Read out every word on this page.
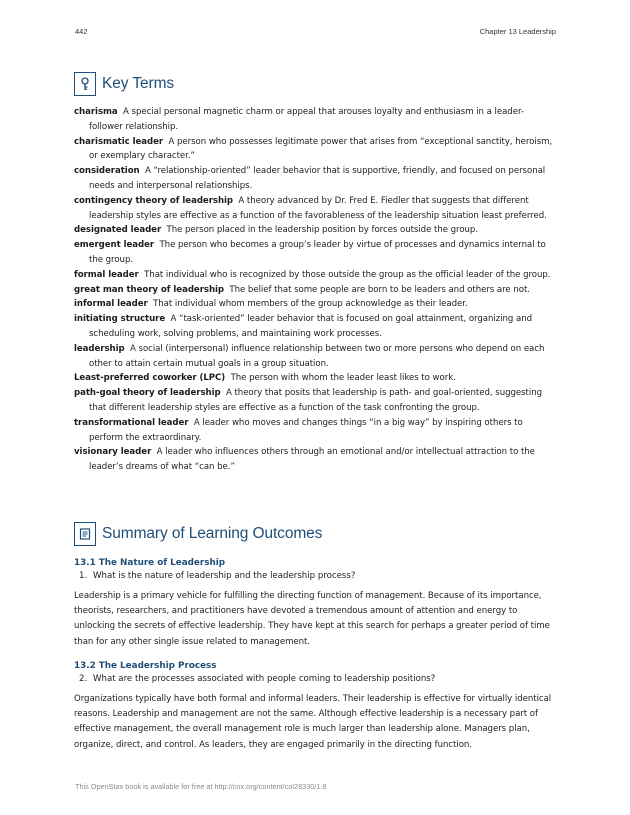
442	Chapter 13 Leadership
Key Terms
charisma A special personal magnetic charm or appeal that arouses loyalty and enthusiasm in a leader-follower relationship.
charismatic leader A person who possesses legitimate power that arises from “exceptional sanctity, heroism, or exemplary character.”
consideration A “relationship-oriented” leader behavior that is supportive, friendly, and focused on personal needs and interpersonal relationships.
contingency theory of leadership A theory advanced by Dr. Fred E. Fiedler that suggests that different leadership styles are effective as a function of the favorableness of the leadership situation least preferred.
designated leader The person placed in the leadership position by forces outside the group.
emergent leader The person who becomes a group’s leader by virtue of processes and dynamics internal to the group.
formal leader That individual who is recognized by those outside the group as the official leader of the group.
great man theory of leadership The belief that some people are born to be leaders and others are not.
informal leader That individual whom members of the group acknowledge as their leader.
initiating structure A “task-oriented” leader behavior that is focused on goal attainment, organizing and scheduling work, solving problems, and maintaining work processes.
leadership A social (interpersonal) influence relationship between two or more persons who depend on each other to attain certain mutual goals in a group situation.
Least-preferred coworker (LPC) The person with whom the leader least likes to work.
path-goal theory of leadership A theory that posits that leadership is path- and goal-oriented, suggesting that different leadership styles are effective as a function of the task confronting the group.
transformational leader A leader who moves and changes things “in a big way” by inspiring others to perform the extraordinary.
visionary leader A leader who influences others through an emotional and/or intellectual attraction to the leader’s dreams of what “can be.”
Summary of Learning Outcomes

13.1 The Nature of Leadership

1. What is the nature of leadership and the leadership process?

Leadership is a primary vehicle for fulfilling the directing function of management. Because of its importance, theorists, researchers, and practitioners have devoted a tremendous amount of attention and energy to unlocking the secrets of effective leadership. They have kept at this search for perhaps a greater period of time than for any other single issue related to management.

13.2 The Leadership Process

2. What are the processes associated with people coming to leadership positions?

Organizations typically have both formal and informal leaders. Their leadership is effective for virtually identical reasons. Leadership and management are not the same. Although effective leadership is a necessary part of effective management, the overall management role is much larger than leadership alone. Managers plan, organize, direct, and control. As leaders, they are engaged primarily in the directing function.

This OpenStax book is available for free at http://cnx.org/content/col28330/1.8
